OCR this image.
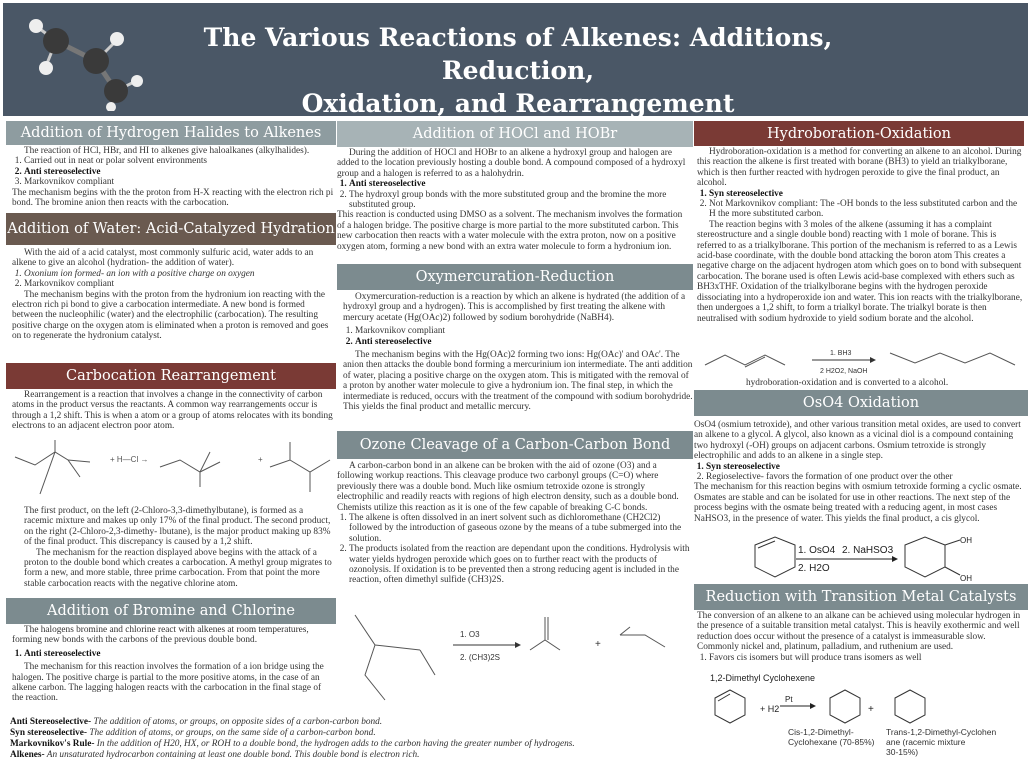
The Various Reactions of Alkenes: Additions, Reduction,
Oxidation, and Rearrangement
Addition of Hydrogen Halides to Alkenes

The reaction of HCl, HBr, and HI to alkenes give haloalkanes (alkylhalides).

1. Carried out in neat or polar solvent environments
2. Anti stereoselective
3. Markovnikov compliant

The mechanism begins with the the proton from H-X reacting with the electron rich pi bond. The bromine anion then reacts with the carbocation.

Addition of Water: Acid-Catalyzed Hydration

With the aid of a acid catalyst, most commonly sulfuric acid, water adds to an alkene to give an alcohol (hydration- the addition of water).

1. Oxonium ion formed- an ion with a positive charge on oxygen
2. Markovnikov compliant

The mechanism begins with the proton from the hydronium ion reacting with the electron rich pi bond to give a carbocation intermediate. A new bond is formed between the nucleophilic (water) and the electrophilic (carbocation). The resulting positive charge on the oxygen atom is eliminated when a proton is removed and goes on to regenerate the hydronium catalyst.

Carbocation Rearrangement

Rearrangement is a reaction that involves a change in the connectivity of carbon atoms in the product versus the reactants. A common way rearrangements occur is through a 1,2 shift. This is when a atom or a group of atoms relocates with its bonding electrons to an adjacent electron poor atom.

+ H—Cl →	+

The first product, on the left (2-Chloro-3,3-dimethylbutane), is formed as a racemic mixture and makes up only 17% of the final product. The second product, on the right (2-Chloro-2,3-dimethy- lbutane), is the major product making up 83% of the final product. This discrepancy is caused by a 1,2 shift.

The mechanism for the reaction displayed above begins with the attack of a proton to the double bond which creates a carbocation. A methyl group migrates to form a new, and more stable, three prime carbocation. From that point the more stable carbocation reacts with the negative chlorine atom.

Addition of Bromine and Chlorine

The halogens bromine and chlorine react with alkenes at room temperatures, forming new bonds with the carbons of the previous double bond.

1. Anti stereoselective

The mechanism for this reaction involves the formation of a ion bridge using the halogen. The positive charge is partial to the more positive atoms, in the case of an alkene carbon. The lagging halogen reacts with the carbocation in the final stage of the reaction.

Addition of HOCl and HOBr

During the addition of HOCl and HOBr to an alkene a hydroxyl group and halogen are added to the location previously hosting a double bond. A compound composed of a hydroxyl group and a halogen is referred to as a halohydrin.

1. Anti stereoselective
2. The hydroxyl group bonds with the more substituted group and the bromine the more substituted group.

This reaction is conducted using DMSO as a solvent. The mechanism involves the formation of a halogen bridge. The positive charge is more partial to the more substituted carbon. This new carbocation then reacts with a water molecule with the extra proton, now on a positive oxygen atom, forming a new bond with an extra water molecule to form a hydronium ion.

Oxymercuration-Reduction

Oxymercuration-reduction is a reaction by which an alkene is hydrated (the addition of a hydroxyl group and a hydrogen). This is accomplished by first treating the alkene with mercury acetate (Hg(OAc)2) followed by sodium borohydride (NaBH4).

1. Markovnikov compliant
2. Anti stereoselective

The mechanism begins with the Hg(OAc)2 forming two ions: Hg(OAc)' and OAc'. The anion then attacks the double bond forming a mercurinium ion intermediate. The anti addition of water, placing a positive charge on the oxygen atom. This is mitigated with the removal of a proton by another water molecule to give a hydronium ion. The final step, in which the intermediate is reduced, occurs with the treatment of the compound with sodium borohydride. This yields the final product and metallic mercury.

Ozone Cleavage of a Carbon-Carbon Bond

A carbon-carbon bond in an alkene can be broken with the aid of ozone (O3) and a following workup reactions. This cleavage produce two carbonyl groups (C=O) where previously there was a double bond. Much like osmium tetroxide ozone is strongly electrophilic and readily reacts with regions of high electron density, such as a double bond. Chemists utilize this reaction as it is one of the few capable of breaking C-C bonds.

1. The alkene is often dissolved in an inert solvent such as dichloromethane (CH2Cl2) followed by the introduction of gaseous ozone by the means of a tube submerged into the solution.
2. The products isolated from the reaction are dependant upon the conditions. Hydrolysis with water yields hydrogen peroxide which goes on to further react with the products of ozonolysis. If oxidation is to be prevented then a strong reducing agent is included in the reaction, often dimethyl sulfide (CH3)2S.
1. O3
2. (CH3)2S
+
Hydroboration-Oxidation

Hydroboration-oxidation is a method for converting an alkene to an alcohol. During this reaction the alkene is first treated with borane (BH3) to yield an trialkylborane, which is then further reacted with hydrogen peroxide to give the final product, an alcohol.

1. Syn stereoselective
2. Not Markovnikov compliant: The -OH bonds to the less substituted carbon and the H the more substituted carbon.

The reaction begins with 3 moles of the alkene (assuming it has a complaint stereostructure and a single double bond) reacting with 1 mole of borane. This is referred to as a trialkylborane. This portion of the mechanism is referred to as a Lewis acid-base coordinate, with the double bond attacking the boron atom This creates a negative charge on the adjacent hydrogen atom which goes on to bond with subsequent carbocation. The borane used is often Lewis acid-base complexed with ethers such as BH3xTHF. Oxidation of the trialkylborane begins with the hydrogen peroxide dissociating into a hydroperoxide ion and water. This ion reacts with the trialkylborane, then undergoes a 1,2 shift, to form a trialkyl borate. The trialkyl borate is then neutralised with sodium hydroxide to yield sodium borate and the alcohol.

1. BH3
2 H2O2, NaOH
hydroboration-oxidation and is converted to a alcohol.
OsO4 Oxidation

OsO4 (osmium tetroxide), and other various transition metal oxides, are used to convert an alkene to a glycol. A glycol, also known as a vicinal diol is a compound containing two hydroxyl (-OH) groups on adjacent carbons. Osmium tetroxide is strongly electrophilic and adds to an alkene in a single step.

1. Syn stereoselective
2. Regioselective- favors the formation of one product over the other

The mechanism for this reaction begins with osmium tetroxide forming a cyclic osmate. Osmates are stable and can be isolated for use in other reactions. The next step of the process begins with the osmate being treated with a reducing agent, in most cases NaHSO3, in the presence of water. This yields the final product, a cis glycol.

1. OsO4 2. NaHSO3
2. H2O
OH
OH
Reduction with Transition Metal Catalysts

The conversion of an alkene to an alkane can be achieved using molecular hydrogen in the presence of a suitable transition metal catalyst. This is heavily exothermic and well reduction does occur without the presence of a catalyst is immeasurable slow. Commonly nickel and, platinum, palladium, and ruthenium are used.

1. Favors cis isomers but will produce trans isomers as well
1,2-Dimethyl Cyclohexene
+ H2
Pt
+
Cis-1,2-Dimethyl-
Cyclohexane (70-85%)
Trans-1,2-Dimethyl-Cyclohen
ane (racemic mixture
30-15%)
Anti Stereoselective- The addition of atoms, or groups, on opposite sides of a carbon-carbon bond.
Syn stereoselective- The addition of atoms, or groups, on the same side of a carbon-carbon bond.
Markovnikov's Rule- In the addition of H20, HX, or ROH to a double bond, the hydrogen adds to the carbon having the greater number of hydrogens.
Alkenes- An unsaturated hydrocarbon containing at least one double bond. This double bond is electron rich.
